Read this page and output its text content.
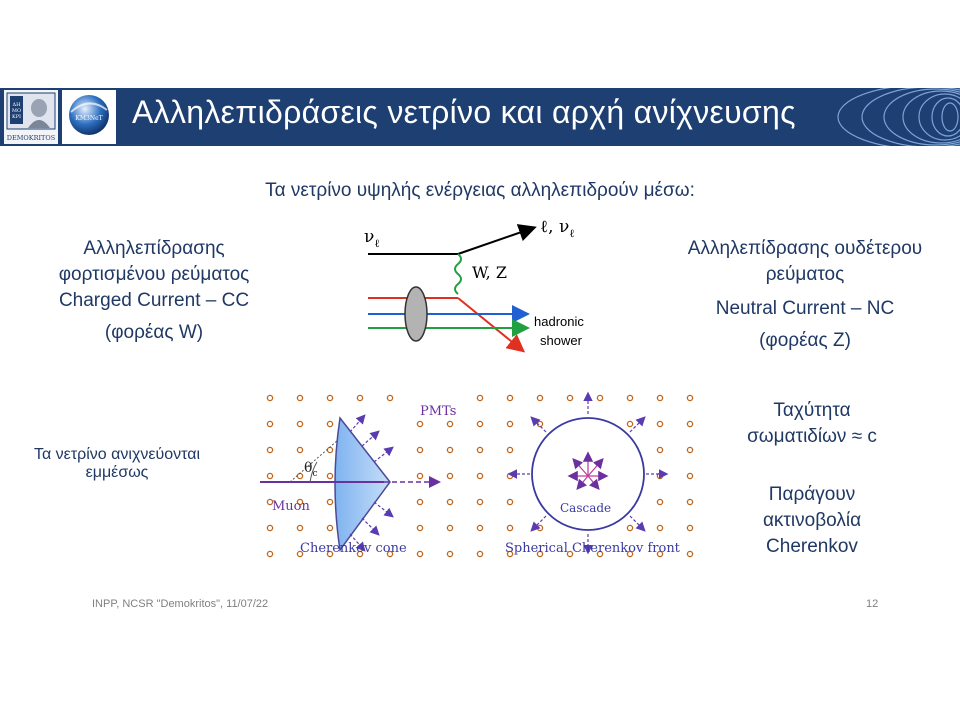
ΔΗ
ΜΟ
ΚΡΙ
DEMOKRITOS
KM3NeT Αλληλεπιδράσεις νετρίνο και αρχή ανίχνευσης
Τα νετρίνο υψηλής ενέργειας αλληλεπιδρούν μέσω:
Αλληλεπίδρασης
φορτισμένου ρεύματος
Charged Current – CC
(φορέας W)
Αλληλεπίδρασης ουδέτερου
ρεύματος
Neutral Current – NC
(φορέας Z)
$\nu_\ell$
ℓ, $\nu_\ell$
W, Z
hadronic
shower
$\theta_c$
Muon
Cherenkov cone
PMTs
Cascade
Spherical Cherenkov front
Τα νετρίνο ανιχνεύονται
εμμέσως
Ταχύτητα
σωματιδίων ≈ c
Παράγουν
ακτινοβολία
Cherenkov
INPP, NCSR "Demokritos", 11/07/22	12
